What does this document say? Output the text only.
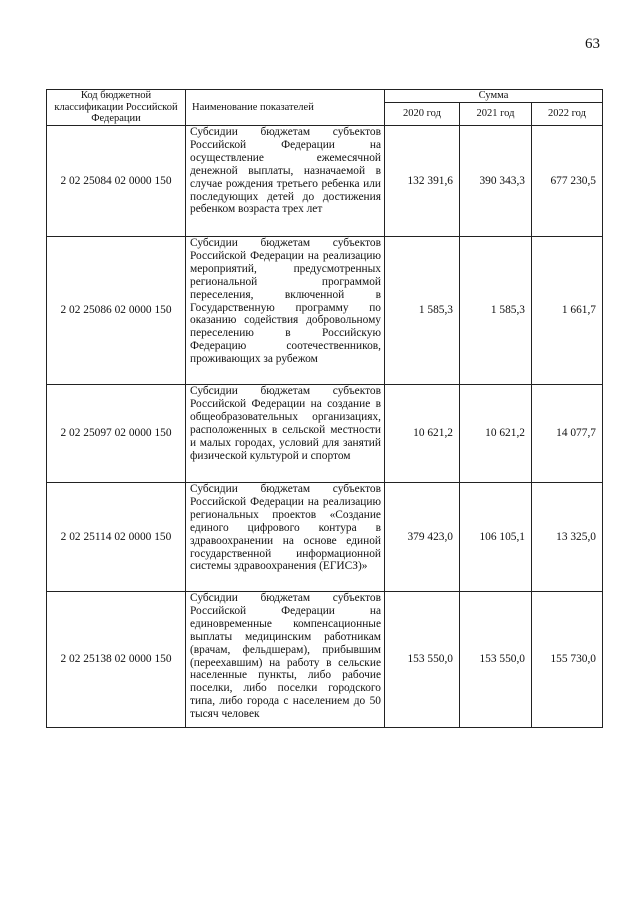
63
Код бюджетной классификации Российской Федерации	Наименование показателей	Сумма		
		2020 год	2021 год	2022 год
2 02 25084 02 0000 150	Субсидии бюджетам субъектов Российской Федерации на осуществление ежемесячной денежной выплаты, назначаемой в случае рождения третьего ребенка или последующих детей до достижения ребенком возраста трех лет	132 391,6	390 343,3	677 230,5
2 02 25086 02 0000 150	Субсидии бюджетам субъектов Российской Федерации на реализацию мероприятий, предусмотренных региональной программой переселения, включенной в Государственную программу по оказанию содействия добровольному переселению в Российскую Федерацию соотечественников, проживающих за рубежом	1 585,3	1 585,3	1 661,7
2 02 25097 02 0000 150	Субсидии бюджетам субъектов Российской Федерации на создание в общеобразовательных организациях, расположенных в сельской местности и малых городах, условий для занятий физической культурой и спортом	10 621,2	10 621,2	14 077,7
2 02 25114 02 0000 150	Субсидии бюджетам субъектов Российской Федерации на реализацию региональных проектов «Создание единого цифрового контура в здравоохранении на основе единой государственной информационной системы здравоохранения (ЕГИСЗ)»	379 423,0	106 105,1	13 325,0
2 02 25138 02 0000 150	Субсидии бюджетам субъектов Российской Федерации на единовременные компенсационные выплаты медицинским работникам (врачам, фельдшерам), прибывшим (переехавшим) на работу в сельские населенные пункты, либо рабочие поселки, либо поселки городского типа, либо города с населением до 50 тысяч человек	153 550,0	153 550,0	155 730,0
